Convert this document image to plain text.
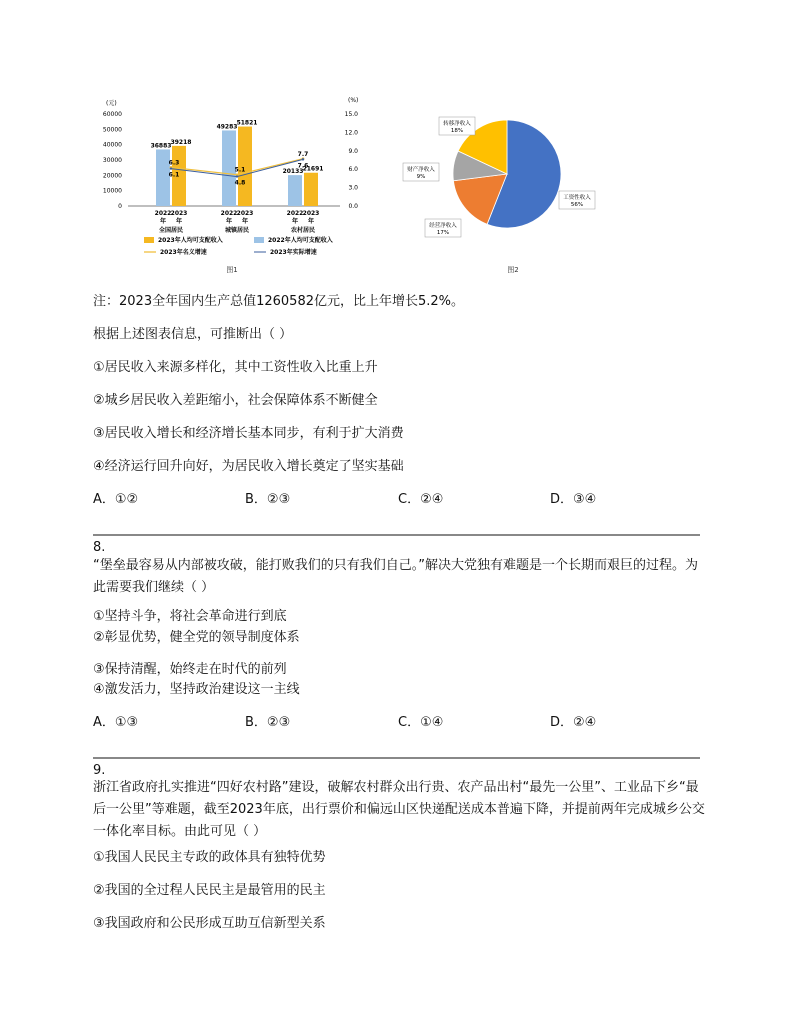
(元)	(%)
60000
50000
40000
30000
20000
10000
0
15.0
12.0
9.0
6.0
3.0
0.0
36883
39218
6.3
6.1
2022 2023
年 年
全国居民
49283
51821
5.1
4.8
2022 2023
年 年
城镇居民
20133 21691
7.7
7.6
2022 2023
年 年
农村居民
2023年人均可支配收入	2022年人均可支配收入
2023年名义增速	2023年实际增速
图1
工资性收入
56%
经营净收入
17%
财产净收入
9%
转移净收入
18%
图2
注：2023全年国内生产总值1260582亿元，比上年增长5.2%。
根据上述图表信息，可推断出（ ）
①居民收入来源多样化，其中工资性收入比重上升
②城乡居民收入差距缩小，社会保障体系不断健全
③居民收入增长和经济增长基本同步，有利于扩大消费
④经济运行回升向好，为居民收入增长奠定了坚实基础
A．①②	B．②③	C．②④	D．③④
8.
“堡垒最容易从内部被攻破，能打败我们的只有我们自己。”解决大党独有难题是一个长期而艰巨的过程。为此需要我们继续（ ）
①坚持斗争，将社会革命进行到底
②彰显优势，健全党的领导制度体系
③保持清醒，始终走在时代的前列
④激发活力，坚持政治建设这一主线
A．①③	B．②③	C．①④	D．②④
9.
浙江省政府扎实推进“四好农村路”建设，破解农村群众出行贵、农产品出村“最先一公里”、工业品下乡“最后一公里”等难题，截至2023年底，出行票价和偏远山区快递配送成本普遍下降，并提前两年完成城乡公交一体化率目标。由此可见（ ）
①我国人民民主专政的政体具有独特优势
②我国的全过程人民民主是最管用的民主
③我国政府和公民形成互助互信新型关系
